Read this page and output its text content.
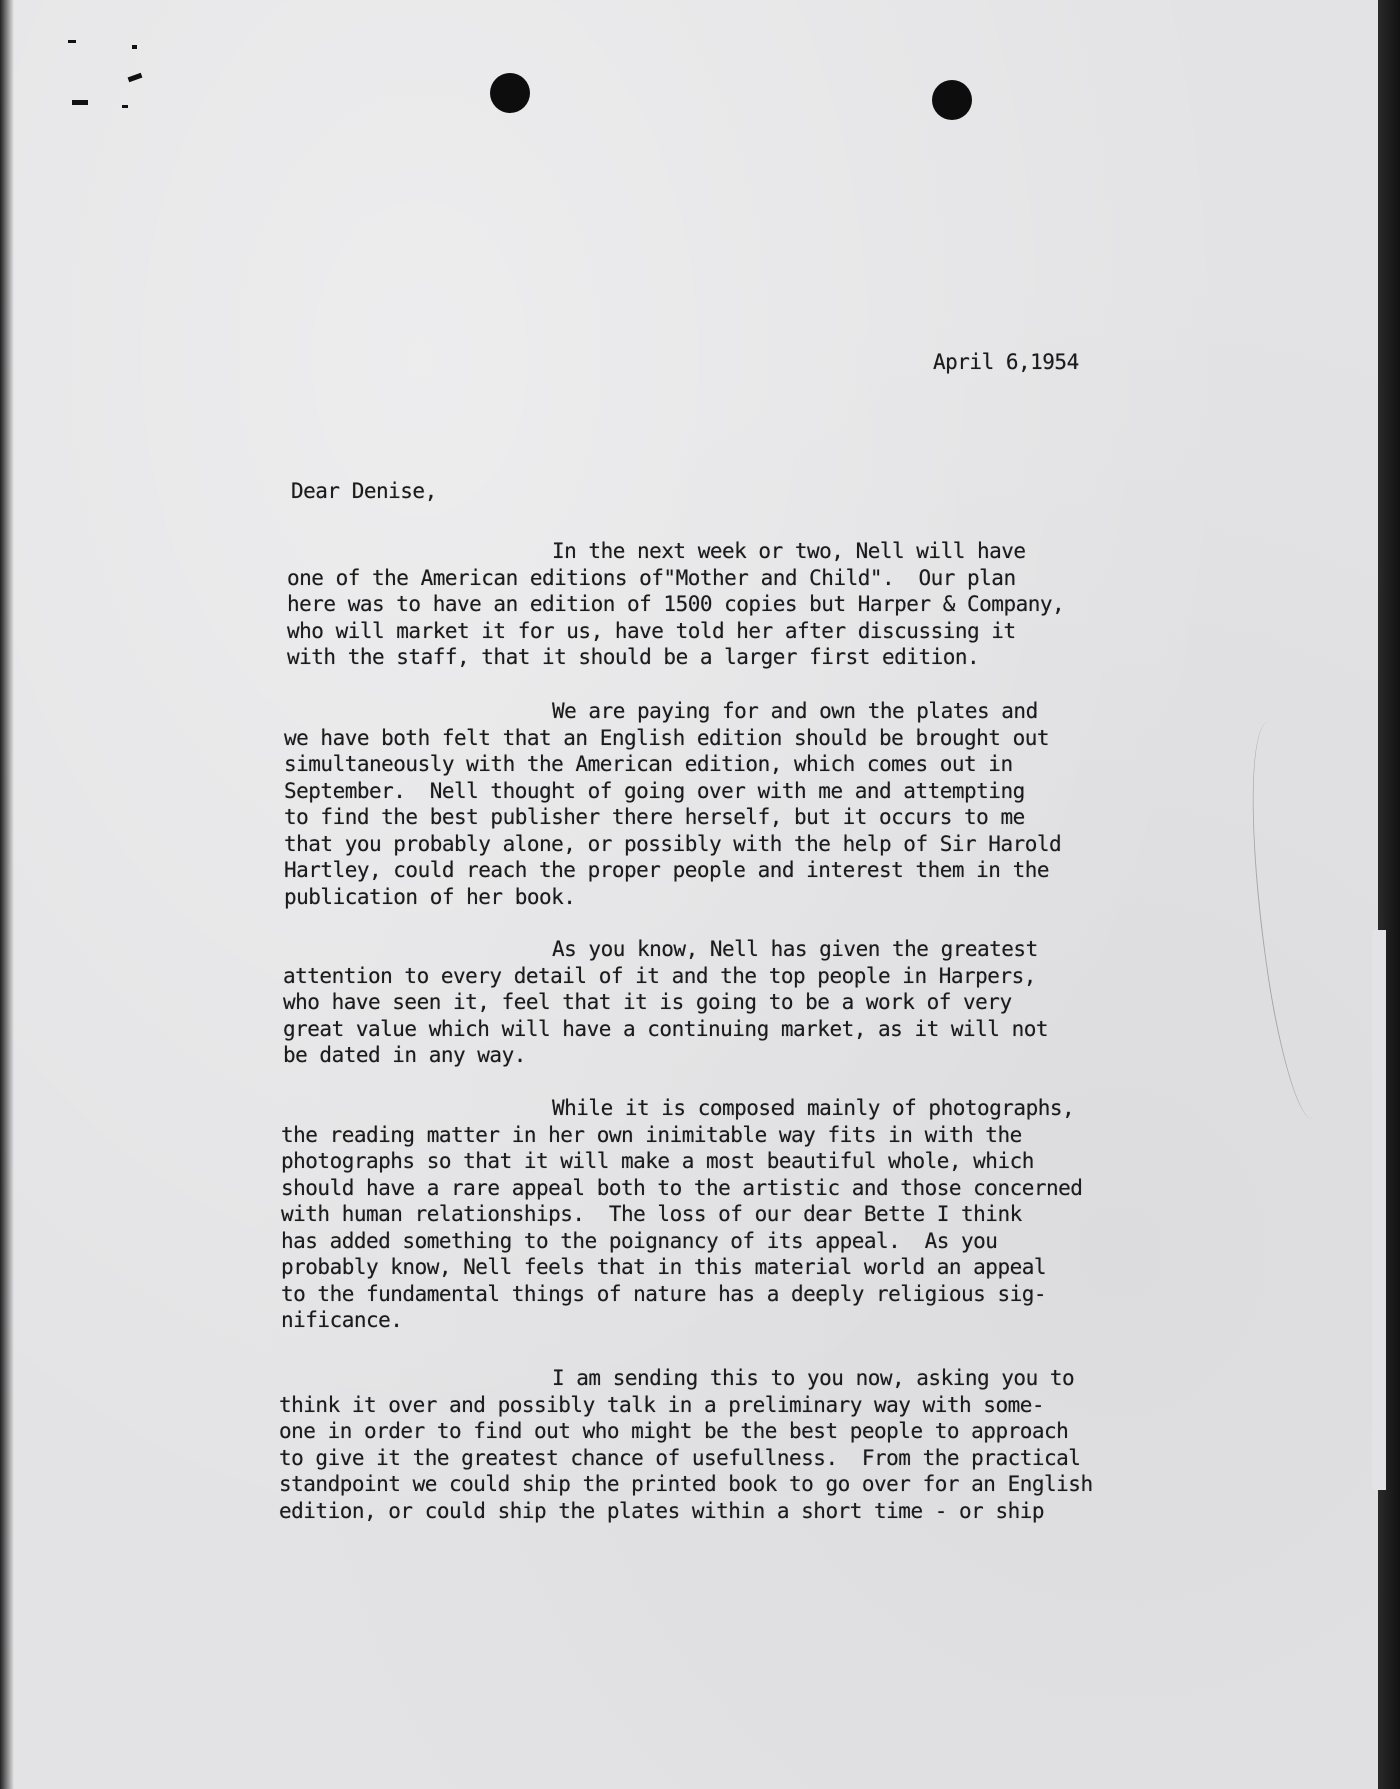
April 6,1954
Dear Denise,
In the next week or two, Nell will have
one of the American editions of"Mother and Child".  Our plan
here was to have an edition of 1500 copies but Harper & Company,
who will market it for us, have told her after discussing it
with the staff, that it should be a larger first edition.
We are paying for and own the plates and
we have both felt that an English edition should be brought out
simultaneously with the American edition, which comes out in
September.  Nell thought of going over with me and attempting
to find the best publisher there herself, but it occurs to me
that you probably alone, or possibly with the help of Sir Harold
Hartley, could reach the proper people and interest them in the
publication of her book.
As you know, Nell has given the greatest
attention to every detail of it and the top people in Harpers,
who have seen it, feel that it is going to be a work of very
great value which will have a continuing market, as it will not
be dated in any way.
While it is composed mainly of photographs,
the reading matter in her own inimitable way fits in with the
photographs so that it will make a most beautiful whole, which
should have a rare appeal both to the artistic and those concerned
with human relationships.  The loss of our dear Bette I think
has added something to the poignancy of its appeal.  As you
probably know, Nell feels that in this material world an appeal
to the fundamental things of nature has a deeply religious sig-
nificance.
I am sending this to you now, asking you to
think it over and possibly talk in a preliminary way with some-
one in order to find out who might be the best people to approach
to give it the greatest chance of usefullness.  From the practical
standpoint we could ship the printed book to go over for an English
edition, or could ship the plates within a short time - or ship
